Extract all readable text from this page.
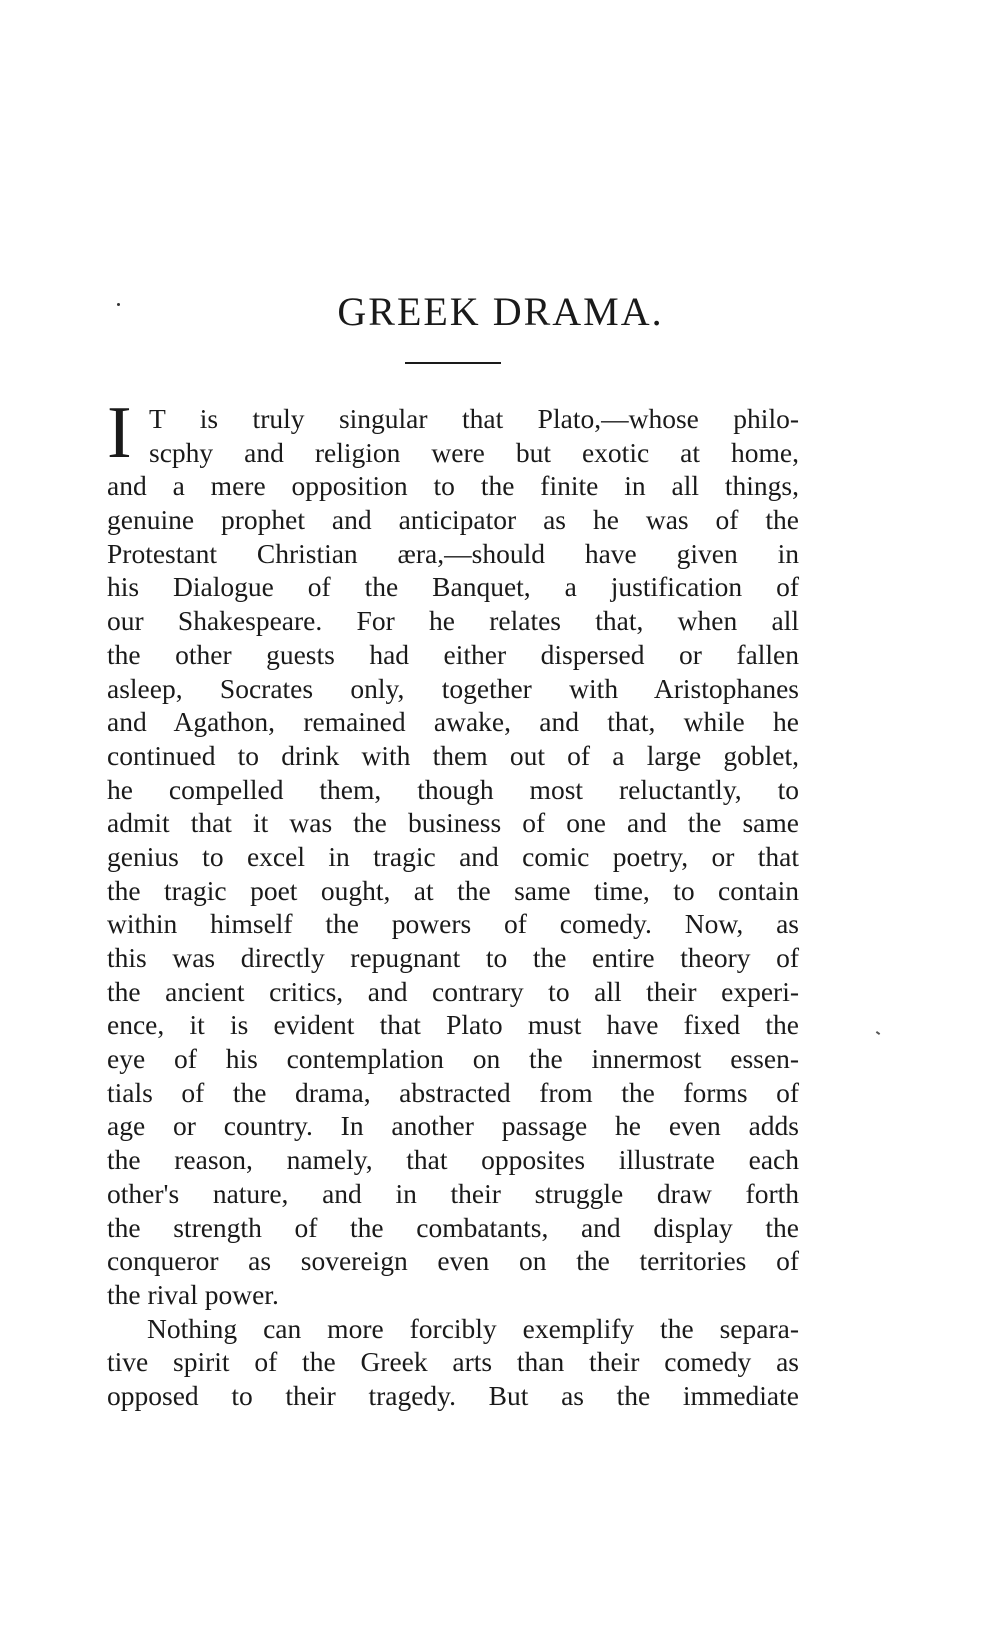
GREEK DRAMA.
I T is truly singular that Plato,—whose philo-
scphy and religion were but exotic at home,
and a mere opposition to the finite in all things,
genuine prophet and anticipator as he was of the
Protestant Christian æra,—should have given in
his Dialogue of the Banquet, a justification of
our Shakespeare. For he relates that, when all
the other guests had either dispersed or fallen
asleep, Socrates only, together with Aristophanes
and Agathon, remained awake, and that, while he
continued to drink with them out of a large goblet,
he compelled them, though most reluctantly, to
admit that it was the business of one and the same
genius to excel in tragic and comic poetry, or that
the tragic poet ought, at the same time, to contain
within himself the powers of comedy. Now, as
this was directly repugnant to the entire theory of
the ancient critics, and contrary to all their experi-
ence, it is evident that Plato must have fixed the
eye of his contemplation on the innermost essen-
tials of the drama, abstracted from the forms of
age or country. In another passage he even adds
the reason, namely, that opposites illustrate each
other's nature, and in their struggle draw forth
the strength of the combatants, and display the
conqueror as sovereign even on the territories of
the rival power.
Nothing can more forcibly exemplify the separa-
tive spirit of the Greek arts than their comedy as
opposed to their tragedy. But as the immediate
